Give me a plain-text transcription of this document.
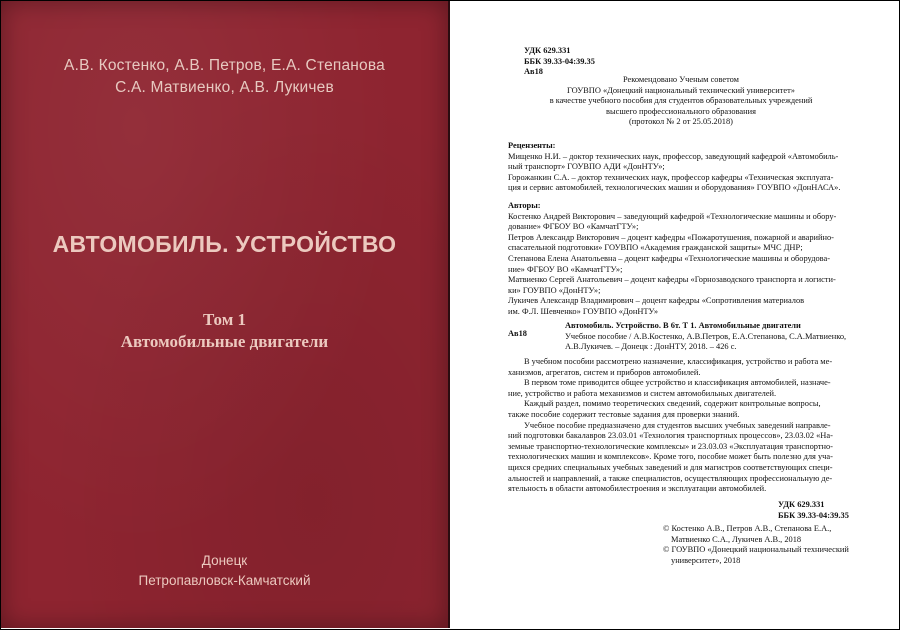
А.В. Костенко, А.В. Петров, Е.А. Степанова
С.А. Матвиенко, А.В. Лукичев
АВТОМОБИЛЬ. УСТРОЙСТВО
Том 1
Автомобильные двигатели
Донецк
Петропавловск-Камчатский
УДК 629.331
ББК 39.33-04:39.35
Ав18
Рекомендовано Ученым советом
ГОУВПО «Донецкий национальный технический университет»
в качестве учебного пособия для студентов образовательных учреждений
высшего профессионального образования
(протокол № 2 от 25.05.2018)
Рецензенты:
Мищенко Н.И. – доктор технических наук, профессор, заведующий кафедрой «Автомобиль-
ный транспорт» ГОУВПО АДИ «ДонНТУ»;
Горожанкин С.А. – доктор технических наук, профессор кафедры «Техническая эксплуата-
ция и сервис автомобилей, технологических машин и оборудования» ГОУВПО «ДонНАСА».
Авторы:
Костенко Андрей Викторович – заведующий кафедрой «Технологические машины и обору-
дование» ФГБОУ ВО «КамчатГТУ»;
Петров Александр Викторович – доцент кафедры «Пожаротушения, пожарной и аварийно-
спасательной подготовки» ГОУВПО «Академия гражданской защиты» МЧС ДНР;
Степанова Елена Анатольевна – доцент кафедры «Технологические машины и оборудова-
ние» ФГБОУ ВО «КамчатГТУ»;
Матвиенко Сергей Анатольевич – доцент кафедры «Горнозаводского транспорта и логисти-
ки» ГОУВПО «ДонНТУ»;
Лукичев Александр Владимирович – доцент кафедры «Сопротивления материалов
им. Ф.Л. Шевченко» ГОУВПО «ДонНТУ»
Ав18
Автомобиль. Устройство. В 6т. Т 1. Автомобильные двигатели
Учебное пособие / А.В.Костенко, А.В.Петров, Е.А.Степанова, С.А.Матвиенко,
А.В.Лукичев. – Донецк : ДонНТУ, 2018. – 426 с.

В учебном пособии рассмотрено назначение, классификация, устройство и работа ме-
ханизмов, агрегатов, систем и приборов автомобилей.

В первом томе приводится общее устройство и классификация автомобилей, назначе-
ние, устройство и работа механизмов и систем автомобильных двигателей.

Каждый раздел, помимо теоретических сведений, содержит контрольные вопросы,
также пособие содержит тестовые задания для проверки знаний.

Учебное пособие предназначено для студентов высших учебных заведений направле-
ний подготовки бакалавров 23.03.01 «Технология транспортных процессов», 23.03.02 «На-
земные транспортно-технологические комплексы» и 23.03.03 «Эксплуатация транспортно-
технологических машин и комплексов». Кроме того, пособие может быть полезно для уча-
щихся средних специальных учебных заведений и для магистров соответствующих специ-
альностей и направлений, а также специалистов, осуществляющих профессиональную де-
ятельность в области автомобилестроения и эксплуатации автомобилей.

УДК 629.331
ББК 39.33-04:39.35
© Костенко А.В., Петров А.В., Степанова Е.А.,
Матвиенко С.А., Лукичев А.В., 2018
© ГОУВПО «Донецкий национальный технический
университет», 2018
